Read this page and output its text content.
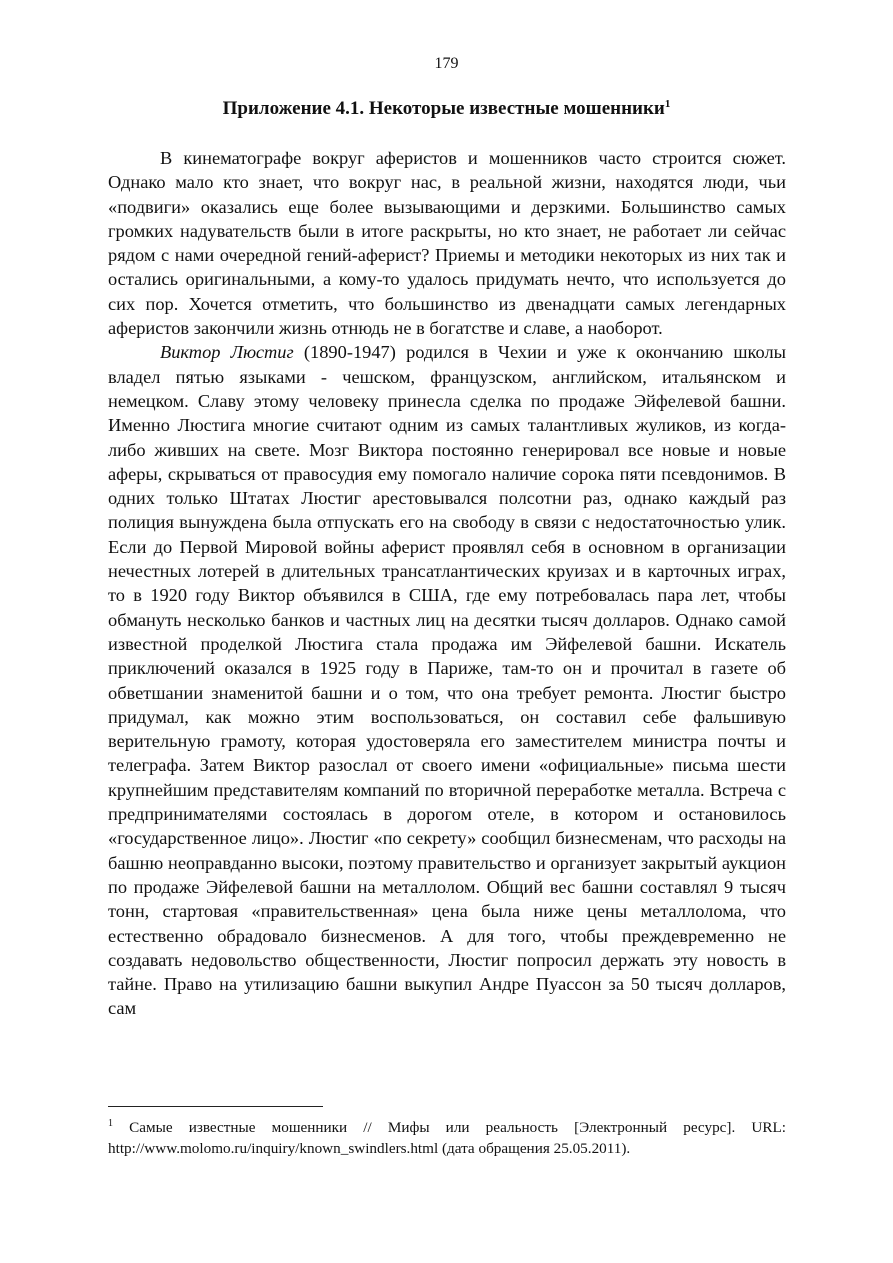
179
Приложение 4.1. Некоторые известные мошенники$^1$

В кинематографе вокруг аферистов и мошенников часто строится сюжет. Однако мало кто знает, что вокруг нас, в реальной жизни, находятся люди, чьи «подвиги» оказались еще более вызывающими и дерзкими. Большинство самых громких надувательств были в итоге раскрыты, но кто знает, не работает ли сейчас рядом с нами очередной гений-аферист? Приемы и методики некоторых из них так и остались оригинальными, а кому-то удалось придумать нечто, что используется до сих пор. Хочется отметить, что большинство из двенадцати самых легендарных аферистов закончили жизнь отнюдь не в богатстве и славе, а наоборот.

Виктор Люстиг (1890-1947) родился в Чехии и уже к окончанию школы владел пятью языками - чешском, французском, английском, итальянском и немецком. Славу этому человеку принесла сделка по продаже Эйфелевой башни. Именно Люстига многие считают одним из самых талантливых жуликов, из когда-либо живших на свете. Мозг Виктора постоянно генерировал все новые и новые аферы, скрываться от правосудия ему помогало наличие сорока пяти псевдонимов. В одних только Штатах Люстиг арестовывался полсотни раз, однако каждый раз полиция вынуждена была отпускать его на свободу в связи с недостаточностью улик. Если до Первой Мировой войны аферист проявлял себя в основном в организации нечестных лотерей в длительных трансатлантических круизах и в карточных играх, то в 1920 году Виктор объявился в США, где ему потребовалась пара лет, чтобы обмануть несколько банков и частных лиц на десятки тысяч долларов. Однако самой известной проделкой Люстига стала продажа им Эйфелевой башни. Искатель приключений оказался в 1925 году в Париже, там-то он и прочитал в газете об обветшании знаменитой башни и о том, что она требует ремонта. Люстиг быстро придумал, как можно этим воспользоваться, он составил себе фальшивую верительную грамоту, которая удостоверяла его заместителем министра почты и телеграфа. Затем Виктор разослал от своего имени «официальные» письма шести крупнейшим представителям компаний по вторичной переработке металла. Встреча с предпринимателями состоялась в дорогом отеле, в котором и остановилось «государственное лицо». Люстиг «по секрету» сообщил бизнесменам, что расходы на башню неоправданно высоки, поэтому правительство и организует закрытый аукцион по продаже Эйфелевой башни на металлолом. Общий вес башни составлял 9 тысяч тонн, стартовая «правительственная» цена была ниже цены металлолома, что естественно обрадовало бизнесменов. А для того, чтобы преждевременно не создавать недовольство общественности, Люстиг попросил держать эту новость в тайне. Право на утилизацию башни выкупил Андре Пуассон за 50 тысяч долларов, сам

$^1$ Самые известные мошенники // Мифы или реальность [Электронный ресурс]. URL: http://www.molomo.ru/inquiry/known_swindlers.html (дата обращения 25.05.2011).
